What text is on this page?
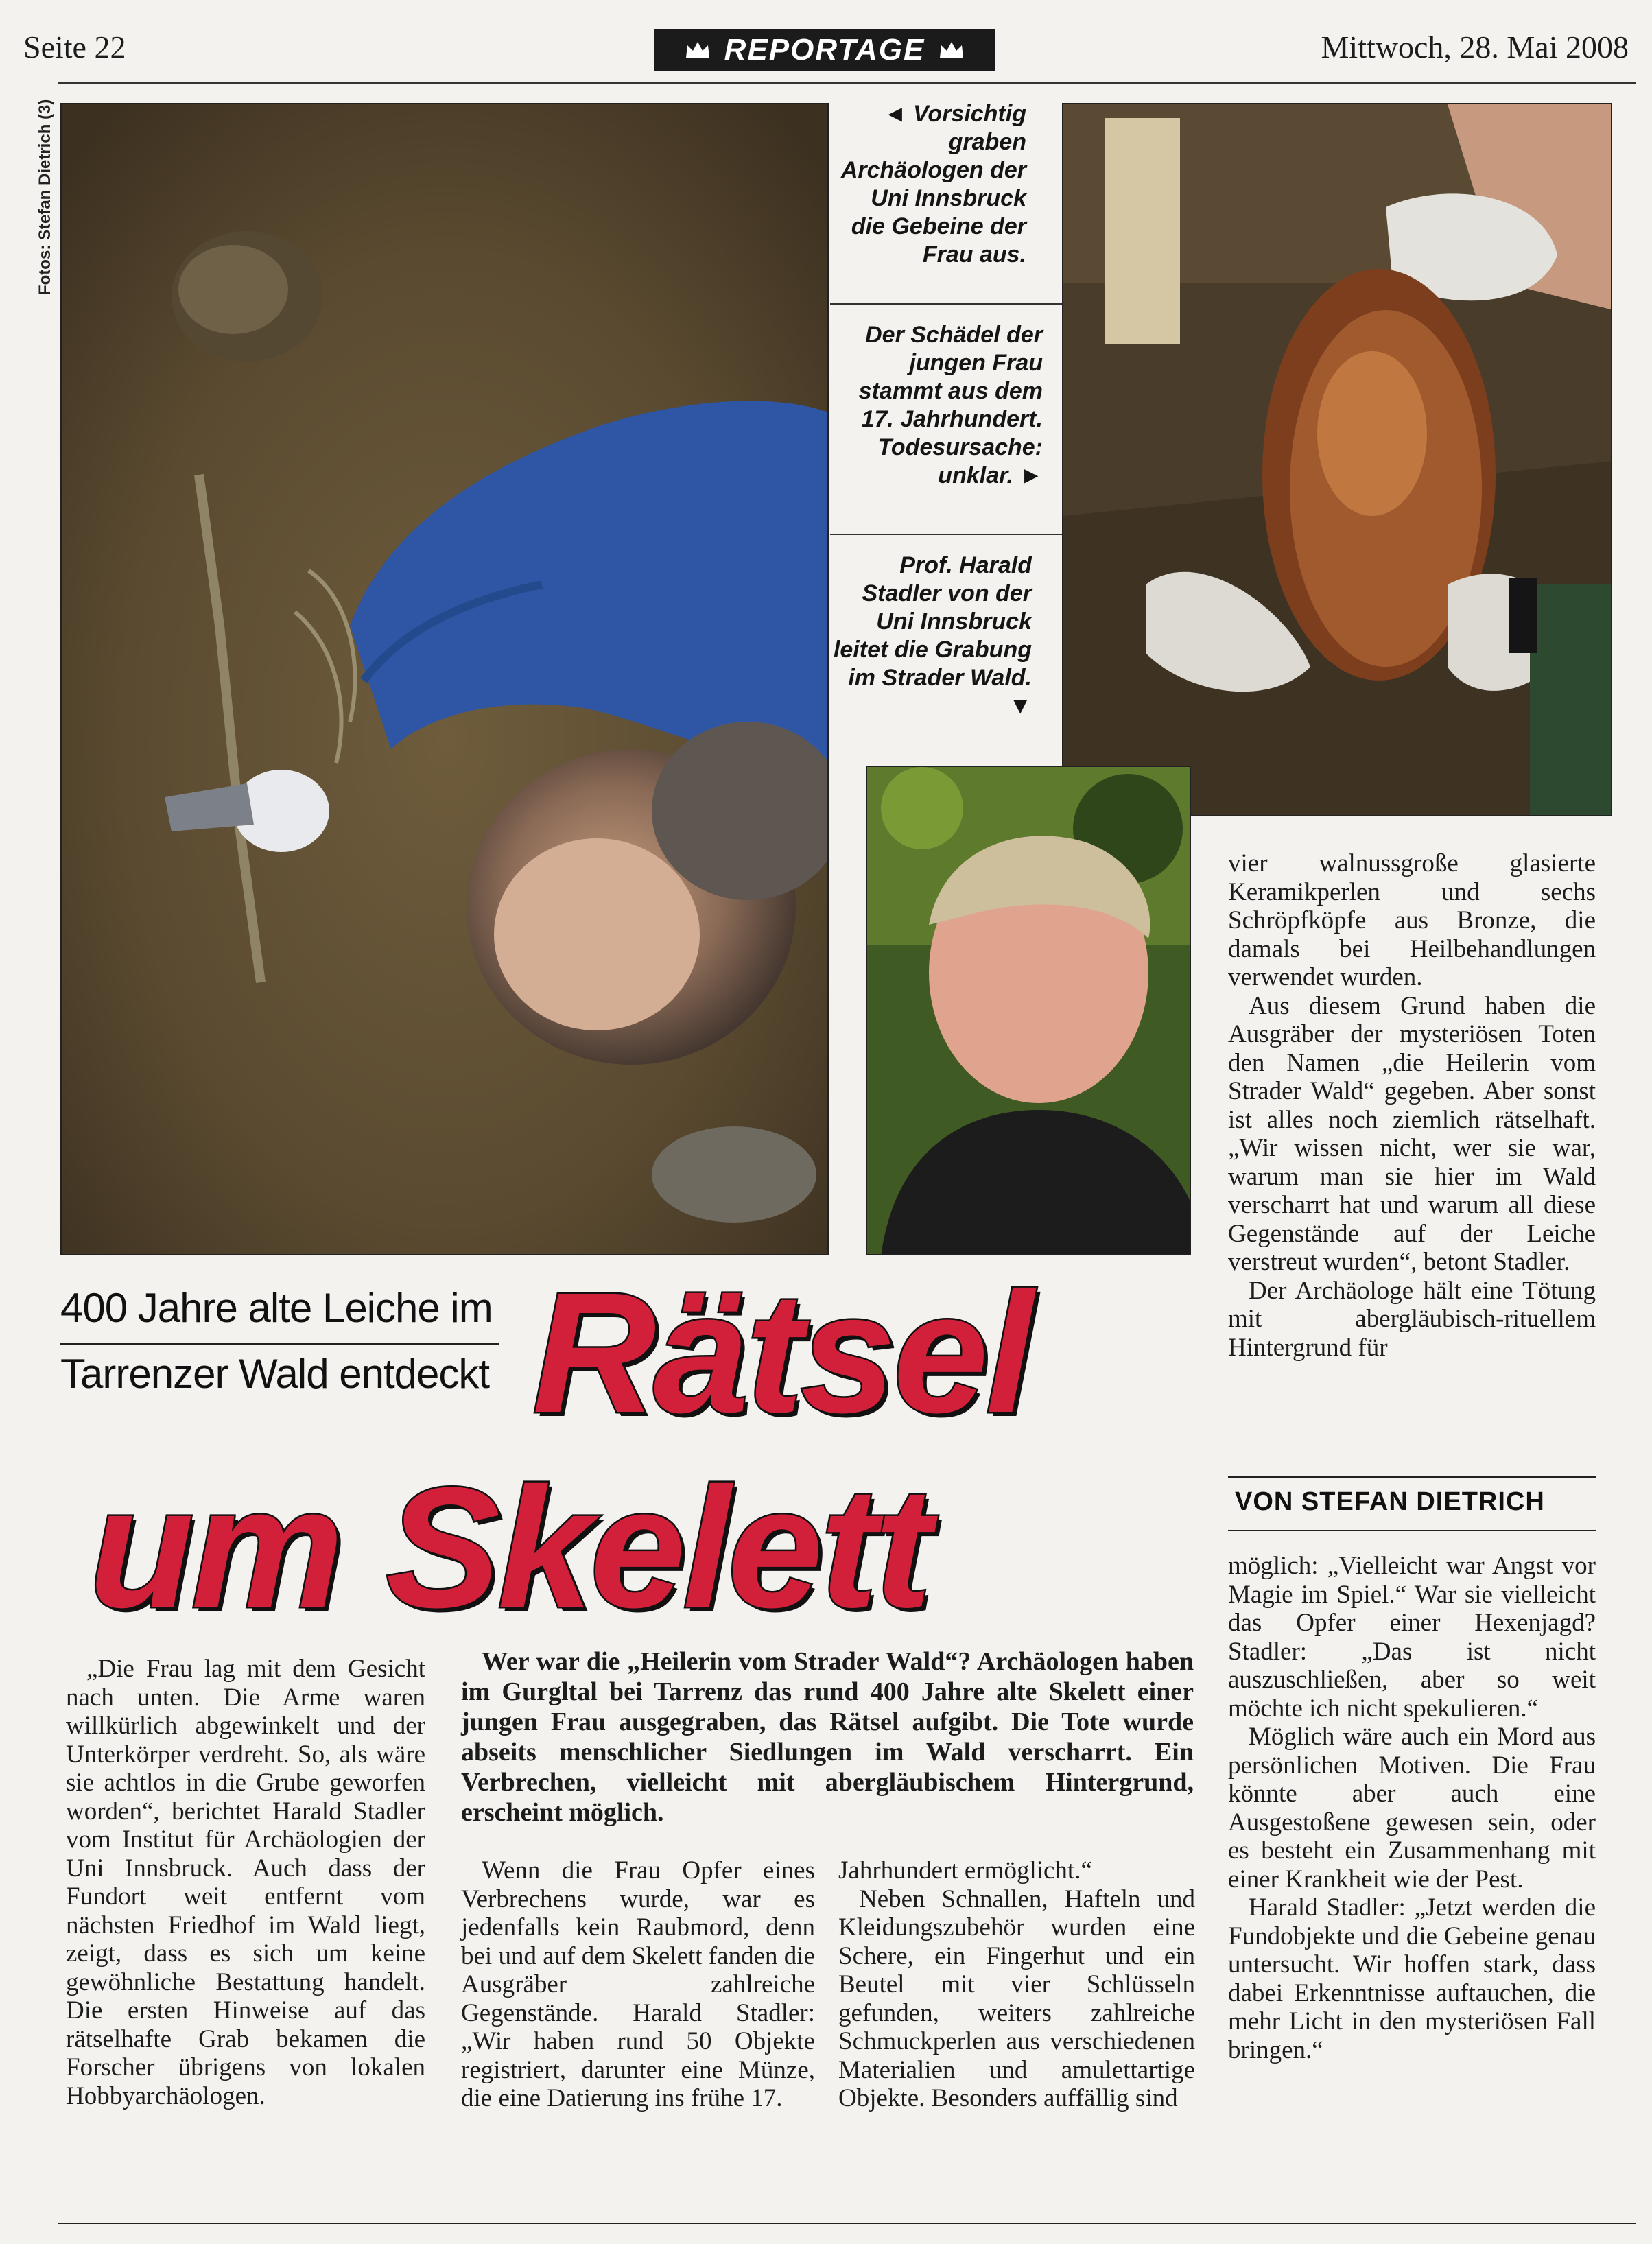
Seite 22	REPORTAGE	Mittwoch, 28. Mai 2008
Fotos: Stefan Dietrich (3)	◄ Vorsichtig graben Archäologen der Uni Innsbruck die Gebeine der Frau aus.
Der Schädel der jungen Frau stammt aus dem 17. Jahrhundert. Todesursache: unklar. ►
Prof. Harald Stadler von der Uni Innsbruck leitet die Grabung im Strader Wald. ▼
400 Jahre alte Leiche im
Tarrenzer Wald entdeckt Rätsel
um Skelett

vier walnussgroße glasierte Keramikperlen und sechs Schröpfköpfe aus Bronze, die damals bei Heilbehandlungen verwendet wurden.

Aus diesem Grund haben die Ausgräber der mysteriösen Toten den Namen „die Heilerin vom Strader Wald“ gegeben. Aber sonst ist alles noch ziemlich rätselhaft. „Wir wissen nicht, wer sie war, warum man sie hier im Wald verscharrt hat und warum all diese Gegenstände auf der Leiche verstreut wurden“, betont Stadler.

Der Archäologe hält eine Tötung mit abergläubisch-rituellem Hintergrund für

VON STEFAN DIETRICH

Wer war die „Heilerin vom Strader Wald“? Archäologen haben im Gurgltal bei Tarrenz das rund 400 Jahre alte Skelett einer jungen Frau ausgegraben, das Rätsel aufgibt. Die Tote wurde abseits menschlicher Siedlungen im Wald verscharrt. Ein Verbrechen, vielleicht mit abergläubischem Hintergrund, erscheint möglich.

„Die Frau lag mit dem Gesicht nach unten. Die Arme waren willkürlich abgewinkelt und der Unterkörper verdreht. So, als wäre sie achtlos in die Grube geworfen worden“, berichtet Harald Stadler vom Institut für Archäologien der Uni Innsbruck. Auch dass der Fundort weit entfernt vom nächsten Friedhof im Wald liegt, zeigt, dass es sich um keine gewöhnliche Bestattung handelt. Die ersten Hinweise auf das rätselhafte Grab bekamen die Forscher übrigens von lokalen Hobbyarchäologen.

Wenn die Frau Opfer eines Verbrechens wurde, war es jedenfalls kein Raubmord, denn bei und auf dem Skelett fanden die Ausgräber zahlreiche Gegenstände. Harald Stadler: „Wir haben rund 50 Objekte registriert, darunter eine Münze, die eine Datierung ins frühe 17.

Jahrhundert ermöglicht.“

Neben Schnallen, Hafteln und Kleidungszubehör wurden eine Schere, ein Fingerhut und ein Beutel mit vier Schlüsseln gefunden, weiters zahlreiche Schmuckperlen aus verschiedenen Materialien und amulettartige Objekte. Besonders auffällig sind

möglich: „Vielleicht war Angst vor Magie im Spiel.“ War sie vielleicht das Opfer einer Hexenjagd? Stadler: „Das ist nicht auszuschließen, aber so weit möchte ich nicht spekulieren.“

Möglich wäre auch ein Mord aus persönlichen Motiven. Die Frau könnte aber auch eine Ausgestoßene gewesen sein, oder es besteht ein Zusammenhang mit einer Krankheit wie der Pest.

Harald Stadler: „Jetzt werden die Fundobjekte und die Gebeine genau untersucht. Wir hoffen stark, dass dabei Erkenntnisse auftauchen, die mehr Licht in den mysteriösen Fall bringen.“
